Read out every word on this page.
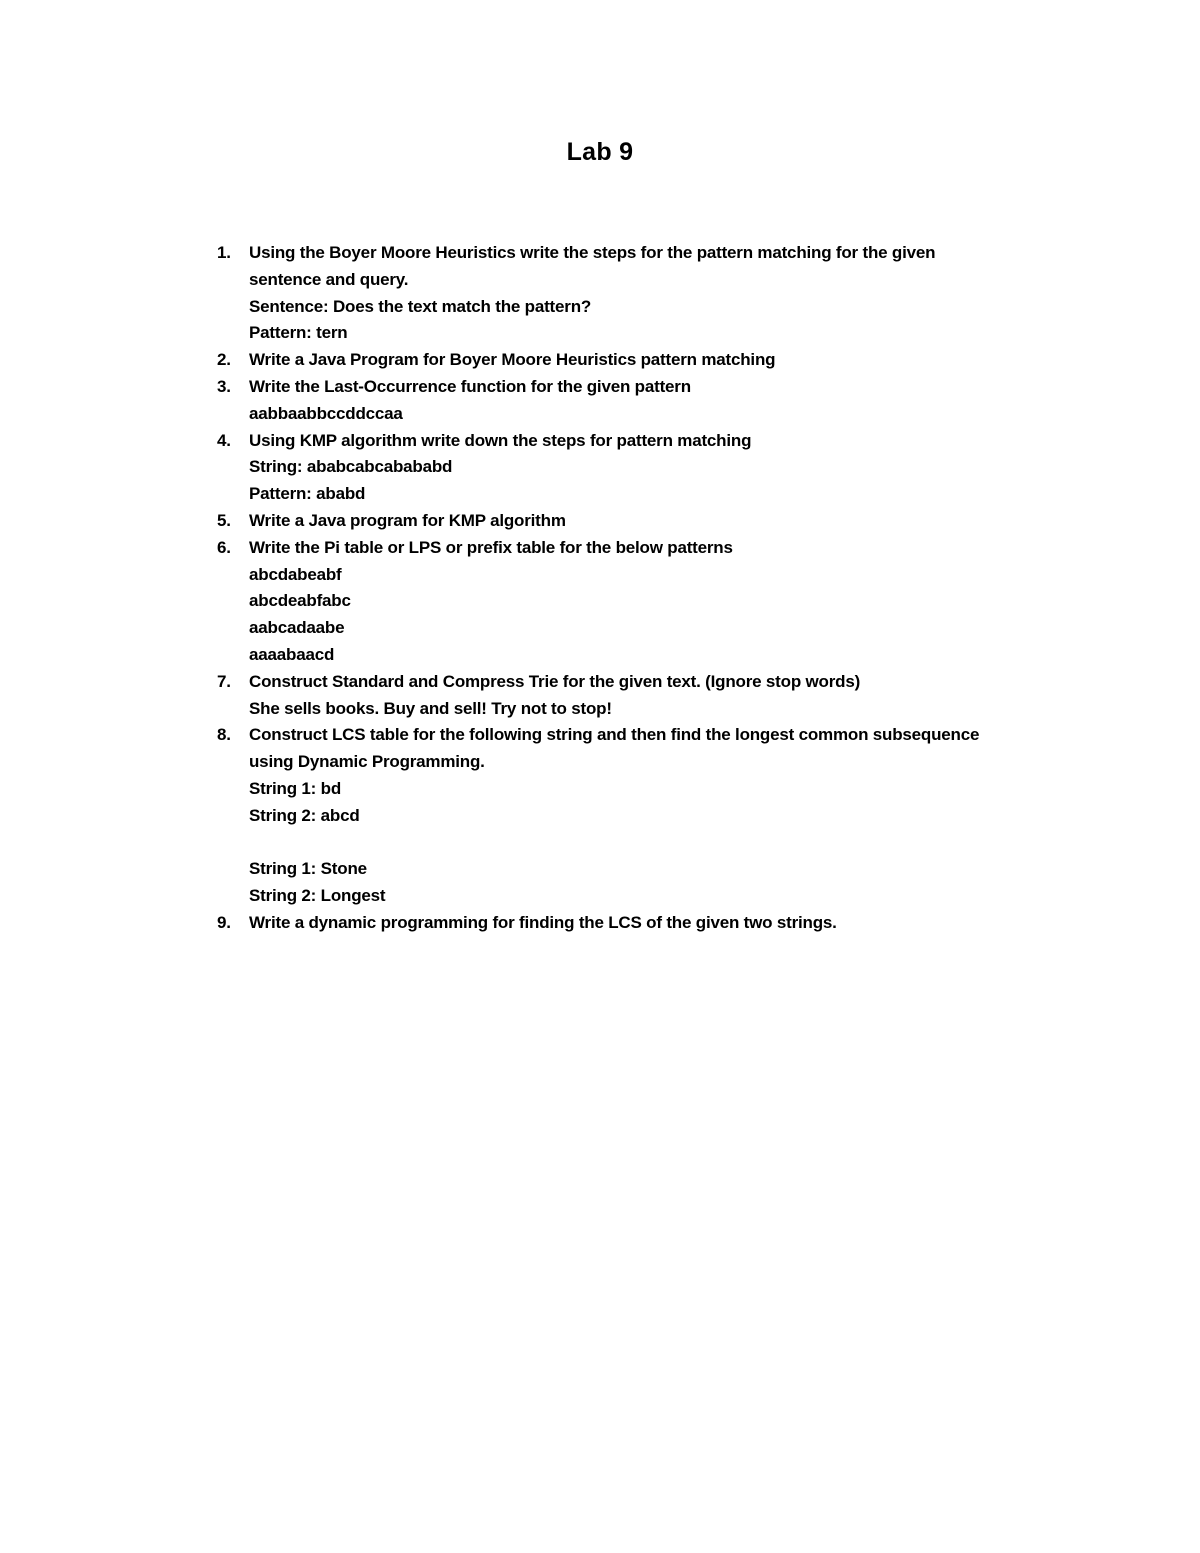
Lab 9
1. Using the Boyer Moore Heuristics write the steps for the pattern matching for the given
sentence and query.
Sentence: Does the text match the pattern?
Pattern: tern
2. Write a Java Program for Boyer Moore Heuristics pattern matching
3. Write the Last-Occurrence function for the given pattern
aabbaabbccddccaa
4. Using KMP algorithm write down the steps for pattern matching
String: ababcabcabababd
Pattern: ababd
5. Write a Java program for KMP algorithm
6. Write the Pi table or LPS or prefix table for the below patterns
abcdabeabf
abcdeabfabc
aabcadaabe
aaaabaacd
7. Construct Standard and Compress Trie for the given text. (Ignore stop words)
She sells books. Buy and sell! Try not to stop!
8. Construct LCS table for the following string and then find the longest common subsequence
using Dynamic Programming.
String 1: bd
String 2: abcd
String 1: Stone
String 2: Longest
9. Write a dynamic programming for finding the LCS of the given two strings.
